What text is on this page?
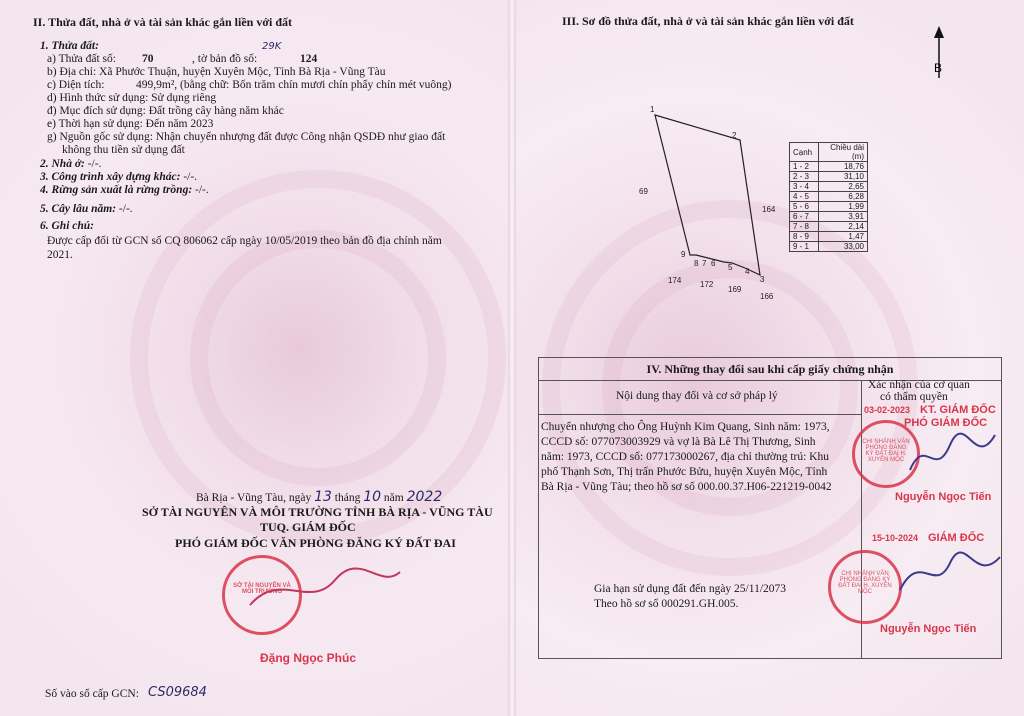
II. Thửa đất, nhà ở và tài sản khác gắn liền với đất
1. Thửa đất:
a) Thửa đất số: 70	, tờ bản đồ số:	124
29K
b) Địa chỉ: Xã Phước Thuận, huyện Xuyên Mộc, Tỉnh Bà Rịa - Vũng Tàu
c) Diện tích:	499,9m², (bằng chữ: Bốn trăm chín mươi chín phẩy chín mét vuông)
d) Hình thức sử dụng: Sử dụng riêng
đ) Mục đích sử dụng: Đất trồng cây hàng năm khác
e) Thời hạn sử dụng: Đến năm 2023
g) Nguồn gốc sử dụng: Nhận chuyển nhượng đất được Công nhận QSDĐ như giao đất
không thu tiền sử dụng đất
2. Nhà ở: -/-.
3. Công trình xây dựng khác: -/-.
4. Rừng sản xuất là rừng trồng: -/-.
5. Cây lâu năm: -/-.
6. Ghi chú:
Được cấp đổi từ GCN số CQ 806062 cấp ngày 10/05/2019 theo bản đồ địa chính năm
2021.
Bà Rịa - Vũng Tàu, ngày 13 tháng 10 năm 2022
SỞ TÀI NGUYÊN VÀ MÔI TRƯỜNG TỈNH BÀ RỊA - VŨNG TÀU
TUQ. GIÁM ĐỐC
PHÓ GIÁM ĐỐC VĂN PHÒNG ĐĂNG KÝ ĐẤT ĐAI
SỞ TÀI NGUYÊN VÀ MÔI TRƯỜNG
Đặng Ngọc Phúc
Số vào sổ cấp GCN: CS09684
III. Sơ đồ thửa đất, nhà ở và tài sản khác gắn liền với đất
B
1
2
3
4
5
6
7
8
9
69
164
174 172
169
166
Cạnh	Chiều dài (m)
1 - 2	18,76
2 - 3	31,10
3 - 4	2,65
4 - 5	6,28
5 - 6	1,99
6 - 7	3,91
7 - 8	2,14
8 - 9	1,47
9 - 1	33,00
IV. Những thay đổi sau khi cấp giấy chứng nhận
Nội dung thay đổi và cơ sở pháp lý
Xác nhận của cơ quan
có thẩm quyền
Chuyển nhượng cho Ông Huỳnh Kim Quang, Sinh năm: 1973,
CCCD số: 077073003929 và vợ là Bà Lê Thị Thương, Sinh
năm: 1973, CCCD số: 077173000267, địa chỉ thường trú: Khu
phố Thạnh Sơn, Thị trấn Phước Bửu, huyện Xuyên Mộc, Tỉnh
Bà Rịa - Vũng Tàu; theo hồ sơ số 000.00.37.H06-221219-0042
Gia hạn sử dụng đất đến ngày 25/11/2073
Theo hồ sơ số 000291.GH.005.
CHI NHÁNH VĂN PHÒNG ĐĂNG KÝ ĐẤT ĐAI H. XUYÊN MỘC
03-02-2023 KT. GIÁM ĐỐC
PHÓ GIÁM ĐỐC
Nguyễn Ngọc Tiến
CHI NHÁNH VĂN PHÒNG ĐĂNG KÝ ĐẤT ĐAI H. XUYÊN MỘC
15-10-2024 GIÁM ĐỐC
Nguyễn Ngọc Tiến
